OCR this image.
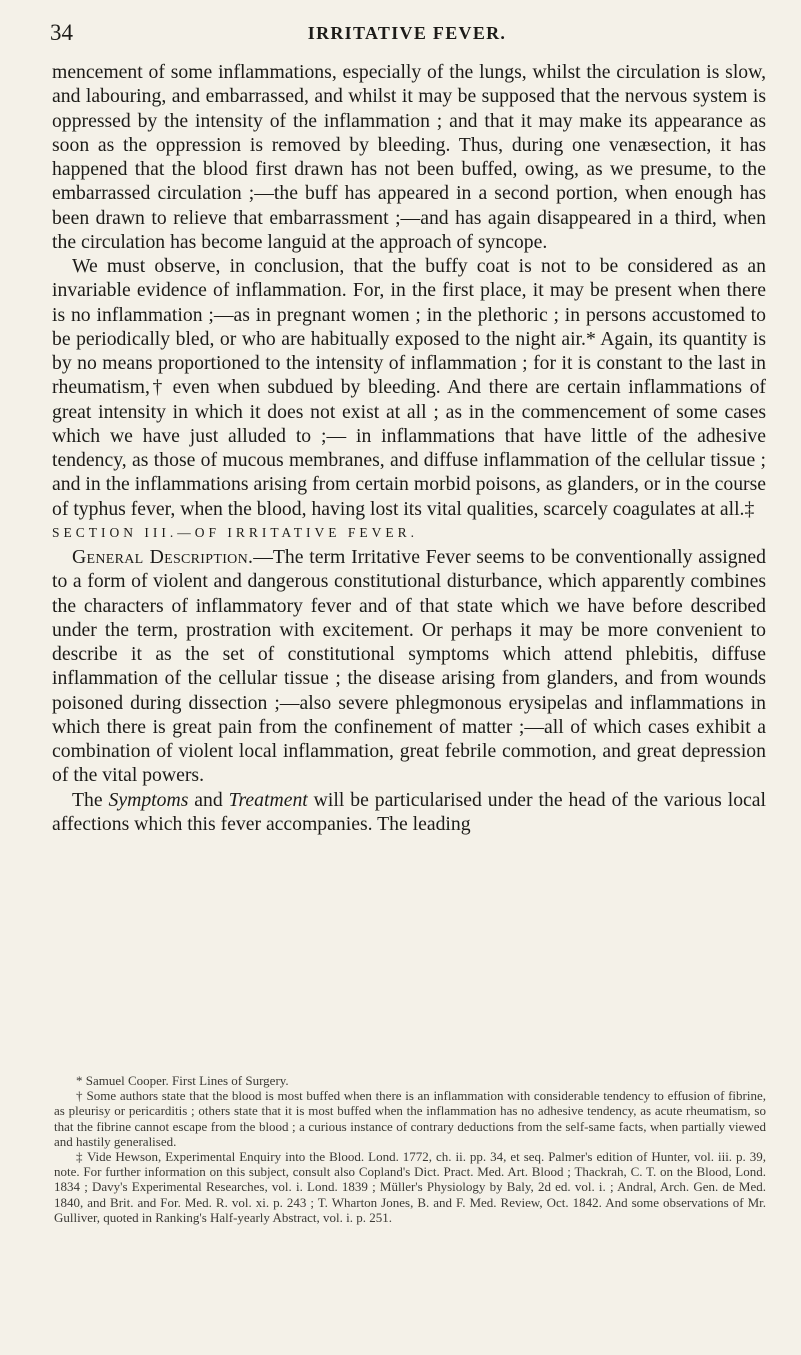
34	IRRITATIVE FEVER.

mencement of some inflammations, especially of the lungs, whilst the circulation is slow, and labouring, and embarrassed, and whilst it may be supposed that the nervous system is oppressed by the intensity of the inflammation ; and that it may make its appearance as soon as the oppression is removed by bleeding. Thus, during one venæsection, it has happened that the blood first drawn has not been buffed, owing, as we presume, to the embarrassed circulation ;—the buff has appeared in a second portion, when enough has been drawn to relieve that embarrassment ;—and has again disappeared in a third, when the circulation has become languid at the approach of syncope.

We must observe, in conclusion, that the buffy coat is not to be considered as an invariable evidence of inflammation. For, in the first place, it may be present when there is no inflammation ;—as in pregnant women ; in the plethoric ; in persons accustomed to be periodically bled, or who are habitually exposed to the night air.* Again, its quantity is by no means proportioned to the intensity of inflammation ; for it is constant to the last in rheumatism,† even when subdued by bleeding. And there are certain inflammations of great intensity in which it does not exist at all ; as in the commencement of some cases which we have just alluded to ;— in inflammations that have little of the adhesive tendency, as those of mucous membranes, and diffuse inflammation of the cellular tissue ; and in the inflammations arising from certain morbid poisons, as glanders, or in the course of typhus fever, when the blood, having lost its vital qualities, scarcely coagulates at all.‡

SECTION III.—OF IRRITATIVE FEVER.

General Description.—The term Irritative Fever seems to be conventionally assigned to a form of violent and dangerous constitutional disturbance, which apparently combines the characters of inflammatory fever and of that state which we have before described under the term, prostration with excitement. Or perhaps it may be more convenient to describe it as the set of constitutional symptoms which attend phlebitis, diffuse inflammation of the cellular tissue ; the disease arising from glanders, and from wounds poisoned during dissection ;—also severe phlegmonous erysipelas and inflammations in which there is great pain from the confinement of matter ;—all of which cases exhibit a combination of violent local inflammation, great febrile commotion, and great depression of the vital powers.

The Symptoms and Treatment will be particularised under the head of the various local affections which this fever accompanies. The leading

* Samuel Cooper. First Lines of Surgery.

† Some authors state that the blood is most buffed when there is an inflammation with considerable tendency to effusion of fibrine, as pleurisy or pericarditis ; others state that it is most buffed when the inflammation has no adhesive tendency, as acute rheumatism, so that the fibrine cannot escape from the blood ; a curious instance of contrary deductions from the self-same facts, when partially viewed and hastily generalised.

‡ Vide Hewson, Experimental Enquiry into the Blood. Lond. 1772, ch. ii. pp. 34, et seq. Palmer's edition of Hunter, vol. iii. p. 39, note. For further information on this subject, consult also Copland's Dict. Pract. Med. Art. Blood ; Thackrah, C. T. on the Blood, Lond. 1834 ; Davy's Experimental Researches, vol. i. Lond. 1839 ; Müller's Physiology by Baly, 2d ed. vol. i. ; Andral, Arch. Gen. de Med. 1840, and Brit. and For. Med. R. vol. xi. p. 243 ; T. Wharton Jones, B. and F. Med. Review, Oct. 1842. And some observations of Mr. Gulliver, quoted in Ranking's Half-yearly Abstract, vol. i. p. 251.
